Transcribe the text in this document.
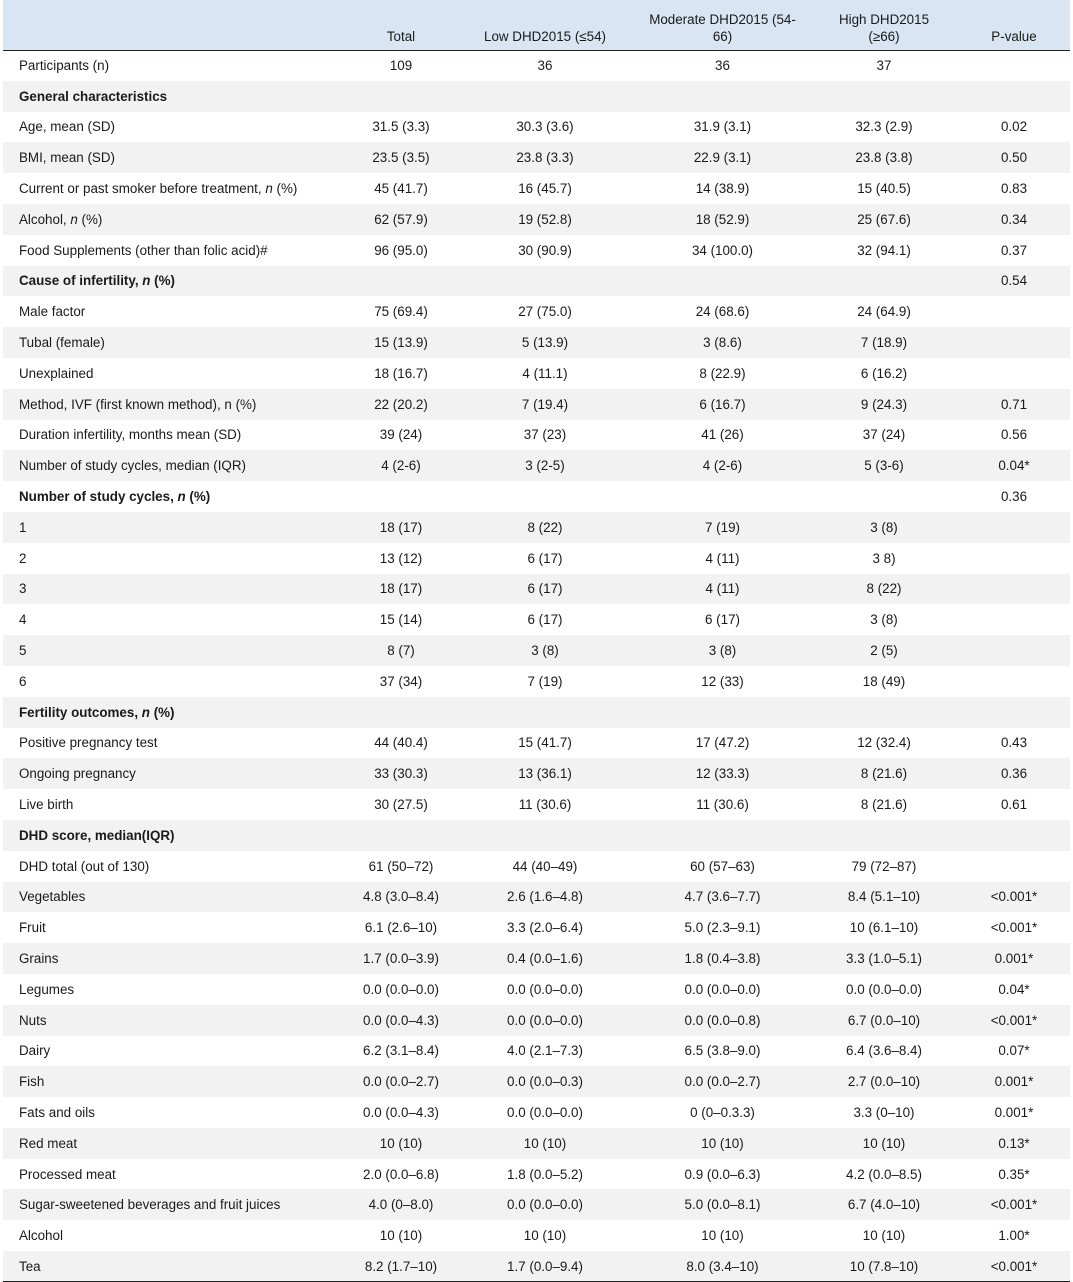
	Total	Low DHD2015 (≤54)	Moderate DHD2015 (54-66)	High DHD2015 (≥66)	P-value
Participants (n)	109	36	36	37	
General characteristics					
Age, mean (SD)	31.5 (3.3)	30.3 (3.6)	31.9 (3.1)	32.3 (2.9)	0.02
BMI, mean (SD)	23.5 (3.5)	23.8 (3.3)	22.9 (3.1)	23.8 (3.8)	0.50
Current or past smoker before treatment, n (%)	45 (41.7)	16 (45.7)	14 (38.9)	15 (40.5)	0.83
Alcohol, n (%)	62 (57.9)	19 (52.8)	18 (52.9)	25 (67.6)	0.34
Food Supplements (other than folic acid)#	96 (95.0)	30 (90.9)	34 (100.0)	32 (94.1)	0.37
Cause of infertility, n (%)					0.54
Male factor	75 (69.4)	27 (75.0)	24 (68.6)	24 (64.9)	
Tubal (female)	15 (13.9)	5 (13.9)	3 (8.6)	7 (18.9)	
Unexplained	18 (16.7)	4 (11.1)	8 (22.9)	6 (16.2)	
Method, IVF (first known method), n (%)	22 (20.2)	7 (19.4)	6 (16.7)	9 (24.3)	0.71
Duration infertility, months mean (SD)	39 (24)	37 (23)	41 (26)	37 (24)	0.56
Number of study cycles, median (IQR)	4 (2-6)	3 (2-5)	4 (2-6)	5 (3-6)	0.04*
Number of study cycles, n (%)					0.36
1	18 (17)	8 (22)	7 (19)	3 (8)	
2	13 (12)	6 (17)	4 (11)	3 8)	
3	18 (17)	6 (17)	4 (11)	8 (22)	
4	15 (14)	6 (17)	6 (17)	3 (8)	
5	8 (7)	3 (8)	3 (8)	2 (5)	
6	37 (34)	7 (19)	12 (33)	18 (49)	
Fertility outcomes, n (%)					
Positive pregnancy test	44 (40.4)	15 (41.7)	17 (47.2)	12 (32.4)	0.43
Ongoing pregnancy	33 (30.3)	13 (36.1)	12 (33.3)	8 (21.6)	0.36
Live birth	30 (27.5)	11 (30.6)	11 (30.6)	8 (21.6)	0.61
DHD score, median(IQR)					
DHD total (out of 130)	61 (50–72)	44 (40–49)	60 (57–63)	79 (72–87)	
Vegetables	4.8 (3.0–8.4)	2.6 (1.6–4.8)	4.7 (3.6–7.7)	8.4 (5.1–10)	<0.001*
Fruit	6.1 (2.6–10)	3.3 (2.0–6.4)	5.0 (2.3–9.1)	10 (6.1–10)	<0.001*
Grains	1.7 (0.0–3.9)	0.4 (0.0–1.6)	1.8 (0.4–3.8)	3.3 (1.0–5.1)	0.001*
Legumes	0.0 (0.0–0.0)	0.0 (0.0–0.0)	0.0 (0.0–0.0)	0.0 (0.0–0.0)	0.04*
Nuts	0.0 (0.0–4.3)	0.0 (0.0–0.0)	0.0 (0.0–0.8)	6.7 (0.0–10)	<0.001*
Dairy	6.2 (3.1–8.4)	4.0 (2.1–7.3)	6.5 (3.8–9.0)	6.4 (3.6–8.4)	0.07*
Fish	0.0 (0.0–2.7)	0.0 (0.0–0.3)	0.0 (0.0–2.7)	2.7 (0.0–10)	0.001*
Fats and oils	0.0 (0.0–4.3)	0.0 (0.0–0.0)	0 (0–0.3.3)	3.3 (0–10)	0.001*
Red meat	10 (10)	10 (10)	10 (10)	10 (10)	0.13*
Processed meat	2.0 (0.0–6.8)	1.8 (0.0–5.2)	0.9 (0.0–6.3)	4.2 (0.0–8.5)	0.35*
Sugar-sweetened beverages and fruit juices	4.0 (0–8.0)	0.0 (0.0–0.0)	5.0 (0.0–8.1)	6.7 (4.0–10)	<0.001*
Alcohol	10 (10)	10 (10)	10 (10)	10 (10)	1.00*
Tea	8.2 (1.7–10)	1.7 (0.0–9.4)	8.0 (3.4–10)	10 (7.8–10)	<0.001*
